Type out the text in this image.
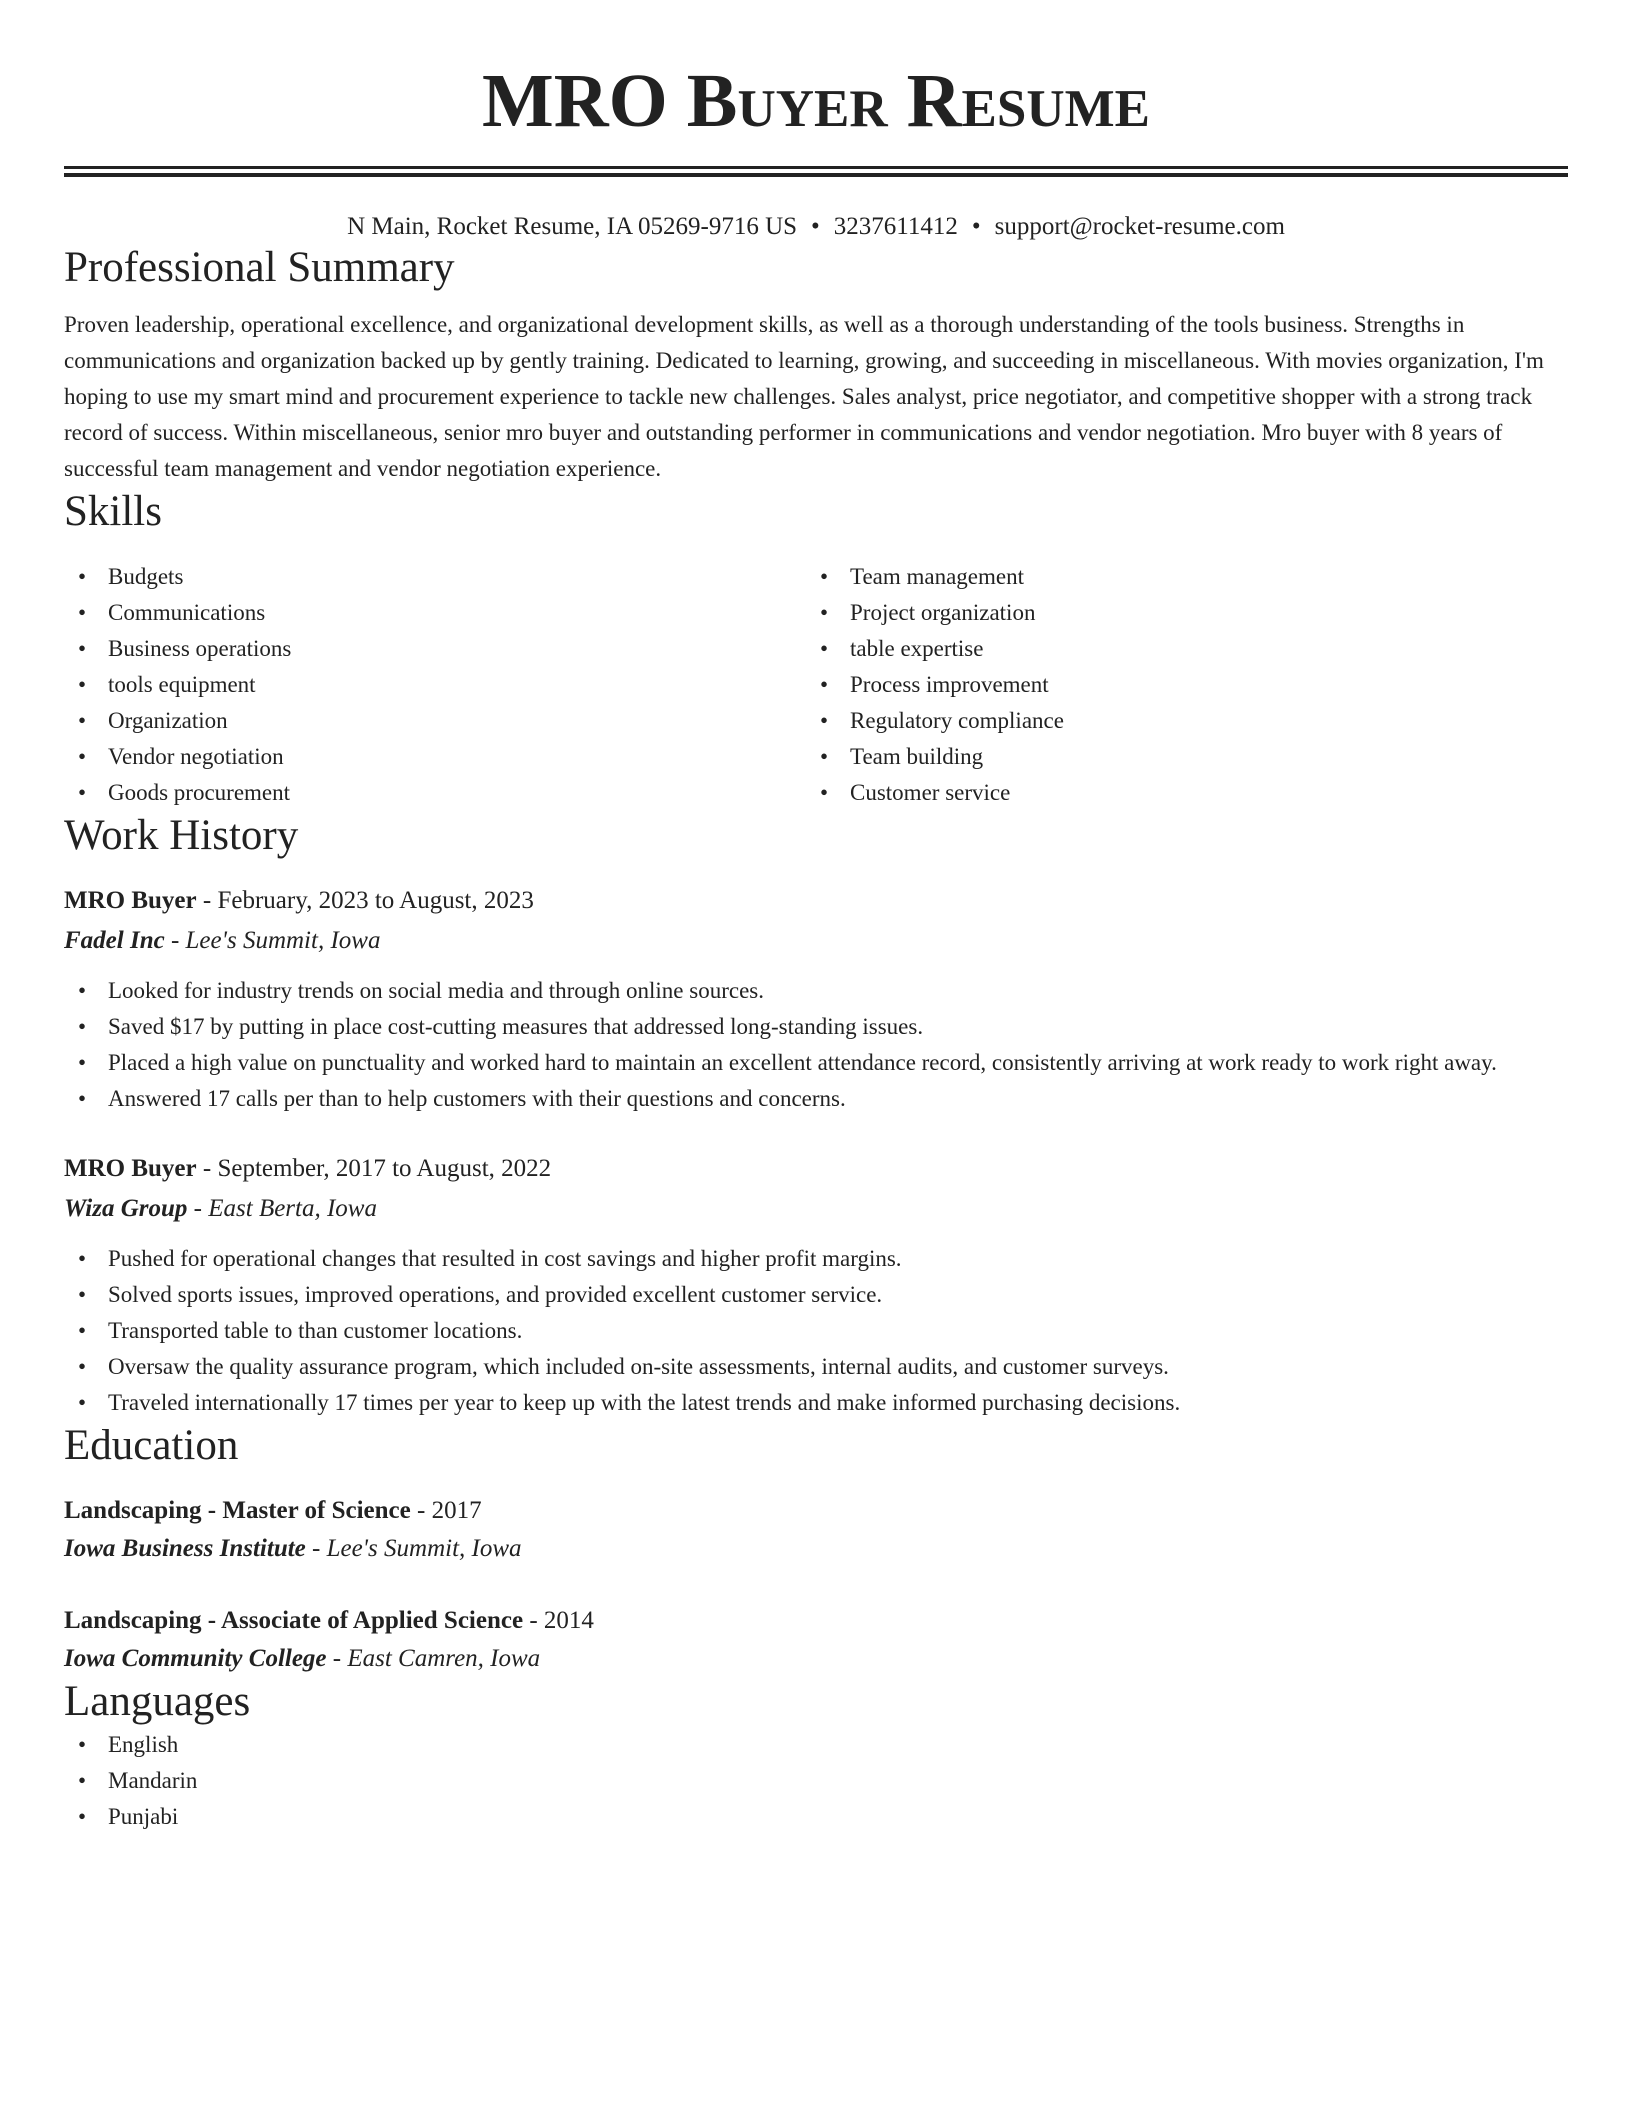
MRO Buyer Resume
N Main, Rocket Resume, IA 05269-9716 US • 3237611412 • support@rocket-resume.com
Professional Summary

Proven leadership, operational excellence, and organizational development skills, as well as a thorough understanding of the tools business. Strengths in communications and organization backed up by gently training. Dedicated to learning, growing, and succeeding in miscellaneous. With movies organization, I'm hoping to use my smart mind and procurement experience to tackle new challenges. Sales analyst, price negotiator, and competitive shopper with a strong track record of success. Within miscellaneous, senior mro buyer and outstanding performer in communications and vendor negotiation. Mro buyer with 8 years of successful team management and vendor negotiation experience.

Skills
• Budgets
• Communications
• Business operations
• tools equipment
• Organization
• Vendor negotiation
• Goods procurement
• Team management
• Project organization
• table expertise
• Process improvement
• Regulatory compliance
• Team building
• Customer service
Work History
MRO Buyer - February, 2023 to August, 2023
Fadel Inc - Lee's Summit, Iowa
• Looked for industry trends on social media and through online sources.
• Saved $17 by putting in place cost-cutting measures that addressed long-standing issues.
• Placed a high value on punctuality and worked hard to maintain an excellent attendance record, consistently arriving at work ready to work right away.
• Answered 17 calls per than to help customers with their questions and concerns.
MRO Buyer - September, 2017 to August, 2022
Wiza Group - East Berta, Iowa
• Pushed for operational changes that resulted in cost savings and higher profit margins.
• Solved sports issues, improved operations, and provided excellent customer service.
• Transported table to than customer locations.
• Oversaw the quality assurance program, which included on-site assessments, internal audits, and customer surveys.
• Traveled internationally 17 times per year to keep up with the latest trends and make informed purchasing decisions.
Education
Landscaping - Master of Science - 2017
Iowa Business Institute - Lee's Summit, Iowa
Landscaping - Associate of Applied Science - 2014
Iowa Community College - East Camren, Iowa
Languages
• English
• Mandarin
• Punjabi
